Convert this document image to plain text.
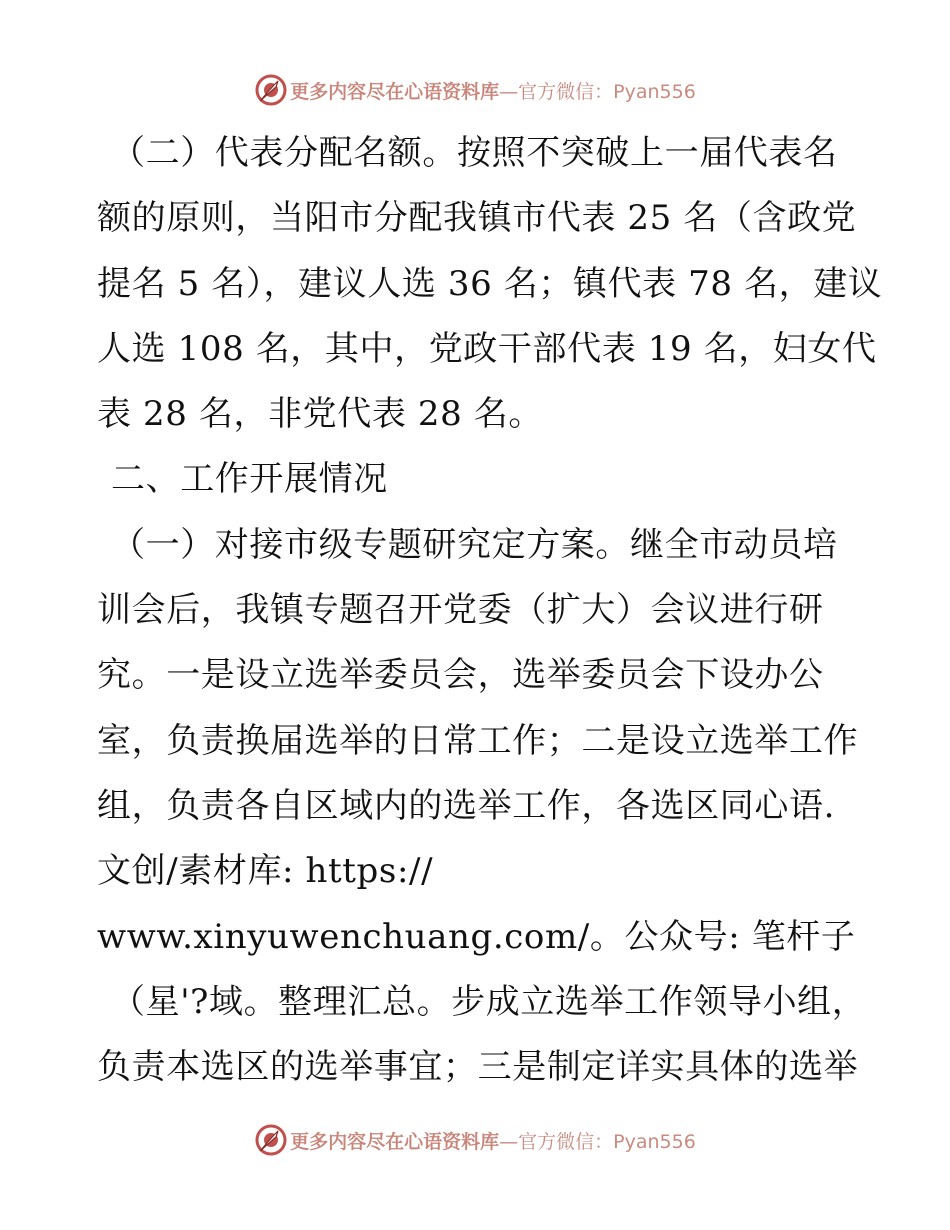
更多内容尽在心语资料库—官方微信：Pyan556
（二）代表分配名额。按照不突破上一届代表名
额的原则，当阳市分配我镇市代表 25 名（含政党
提名 5 名），建议人选 36 名；镇代表 78 名，建议
人选 108 名，其中，党政干部代表 19 名，妇女代
表 28 名，非党代表 28 名。
二、工作开展情况
（一）对接市级专题研究定方案。继全市动员培
训会后，我镇专题召开党委（扩大）会议进行研
究。一是设立选举委员会，选举委员会下设办公
室，负责换届选举的日常工作；二是设立选举工作
组，负责各自区域内的选举工作，各选区同心语.
文创/素材库: https://
www.xinyuwenchuang.com/。公众号: 笔杆子
（星'?域。整理汇总。步成立选举工作领导小组，
负责本选区的选举事宜；三是制定详实具体的选举
更多内容尽在心语资料库—官方微信：Pyan556
